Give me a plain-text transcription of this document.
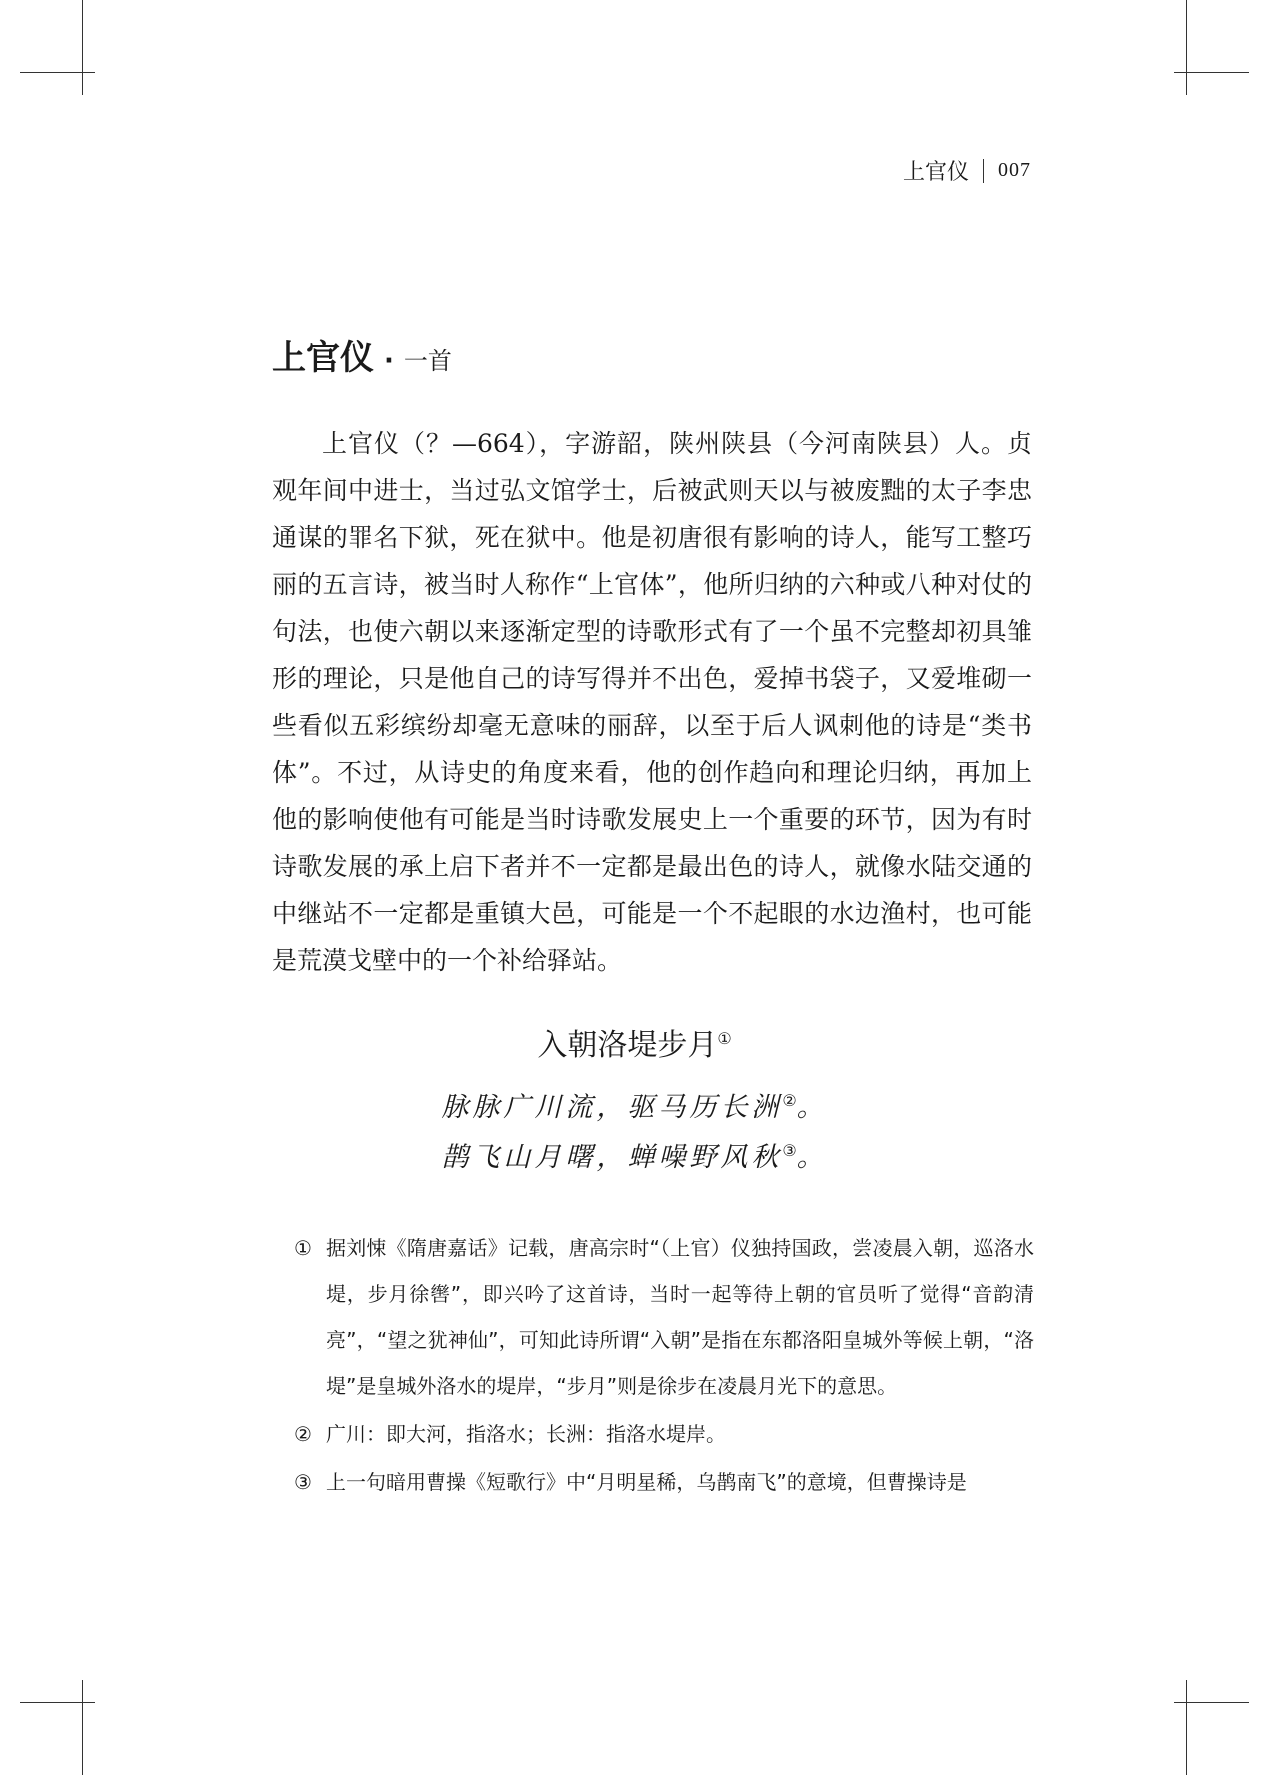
上官仪 007
上官仪 · 一首

上官仪（？—664），字游韶，陕州陕县（今河南陕县）人。贞观年间中进士，当过弘文馆学士，后被武则天以与被废黜的太子李忠通谋的罪名下狱，死在狱中。他是初唐很有影响的诗人，能写工整巧丽的五言诗，被当时人称作“上官体”，他所归纳的六种或八种对仗的句法，也使六朝以来逐渐定型的诗歌形式有了一个虽不完整却初具雏形的理论，只是他自己的诗写得并不出色，爱掉书袋子，又爱堆砌一些看似五彩缤纷却毫无意味的丽辞，以至于后人讽刺他的诗是“类书体”。不过，从诗史的角度来看，他的创作趋向和理论归纳，再加上他的影响使他有可能是当时诗歌发展史上一个重要的环节，因为有时诗歌发展的承上启下者并不一定都是最出色的诗人，就像水陆交通的中继站不一定都是重镇大邑，可能是一个不起眼的水边渔村，也可能是荒漠戈壁中的一个补给驿站。

入朝洛堤步月①
脉脉广川流，驱马历长洲②。
鹊飞山月曙，蝉噪野风秋③。

① 据刘悚《隋唐嘉话》记载，唐高宗时“（上官）仪独持国政，尝凌晨入朝，巡洛水堤，步月徐辔”，即兴吟了这首诗，当时一起等待上朝的官员听了觉得“音韵清亮”，“望之犹神仙”，可知此诗所谓“入朝”是指在东都洛阳皇城外等候上朝，“洛堤”是皇城外洛水的堤岸，“步月”则是徐步在凌晨月光下的意思。

② 广川：即大河，指洛水；长洲：指洛水堤岸。

③ 上一句暗用曹操《短歌行》中“月明星稀，乌鹊南飞”的意境，但曹操诗是
